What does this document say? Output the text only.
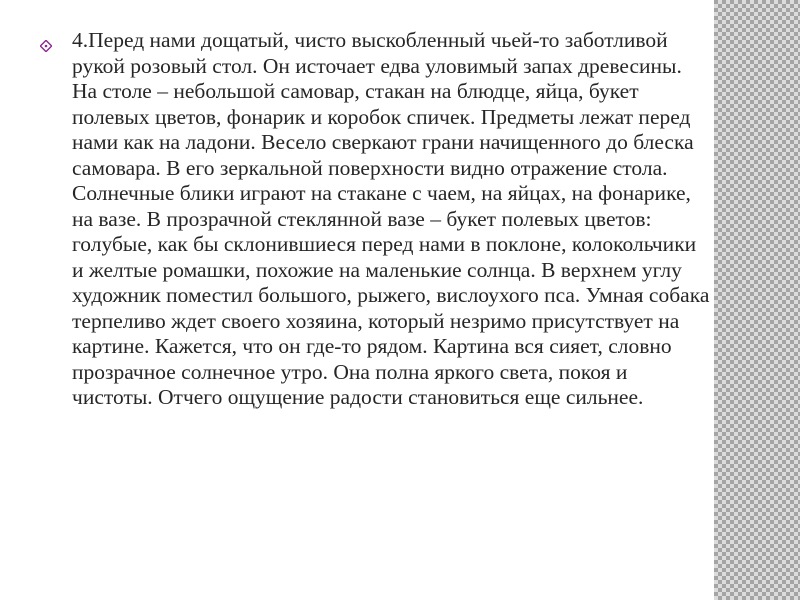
4.Перед нами дощатый, чисто выскобленный чьей-то заботливой рукой розовый стол. Он источает едва уловимый запах древесины. На столе – небольшой самовар, стакан на блюдце, яйца, букет полевых цветов, фонарик и коробок спичек. Предметы лежат перед нами как на ладони. Весело сверкают грани начищенного до блеска самовара. В его зеркальной поверхности видно отражение стола. Солнечные блики играют на стакане с чаем, на яйцах, на фонарике, на вазе. В прозрачной стеклянной вазе – букет полевых цветов: голубые, как бы склонившиеся перед нами в поклоне, колокольчики и желтые ромашки, похожие на маленькие солнца. В верхнем углу художник поместил большого, рыжего, вислоухого пса. Умная собака терпеливо ждет своего хозяина, который незримо присутствует на картине. Кажется, что он где-то рядом. Картина вся сияет, словно прозрачное солнечное утро. Она полна яркого света, покоя и чистоты. Отчего ощущение радости становиться еще сильнее.
